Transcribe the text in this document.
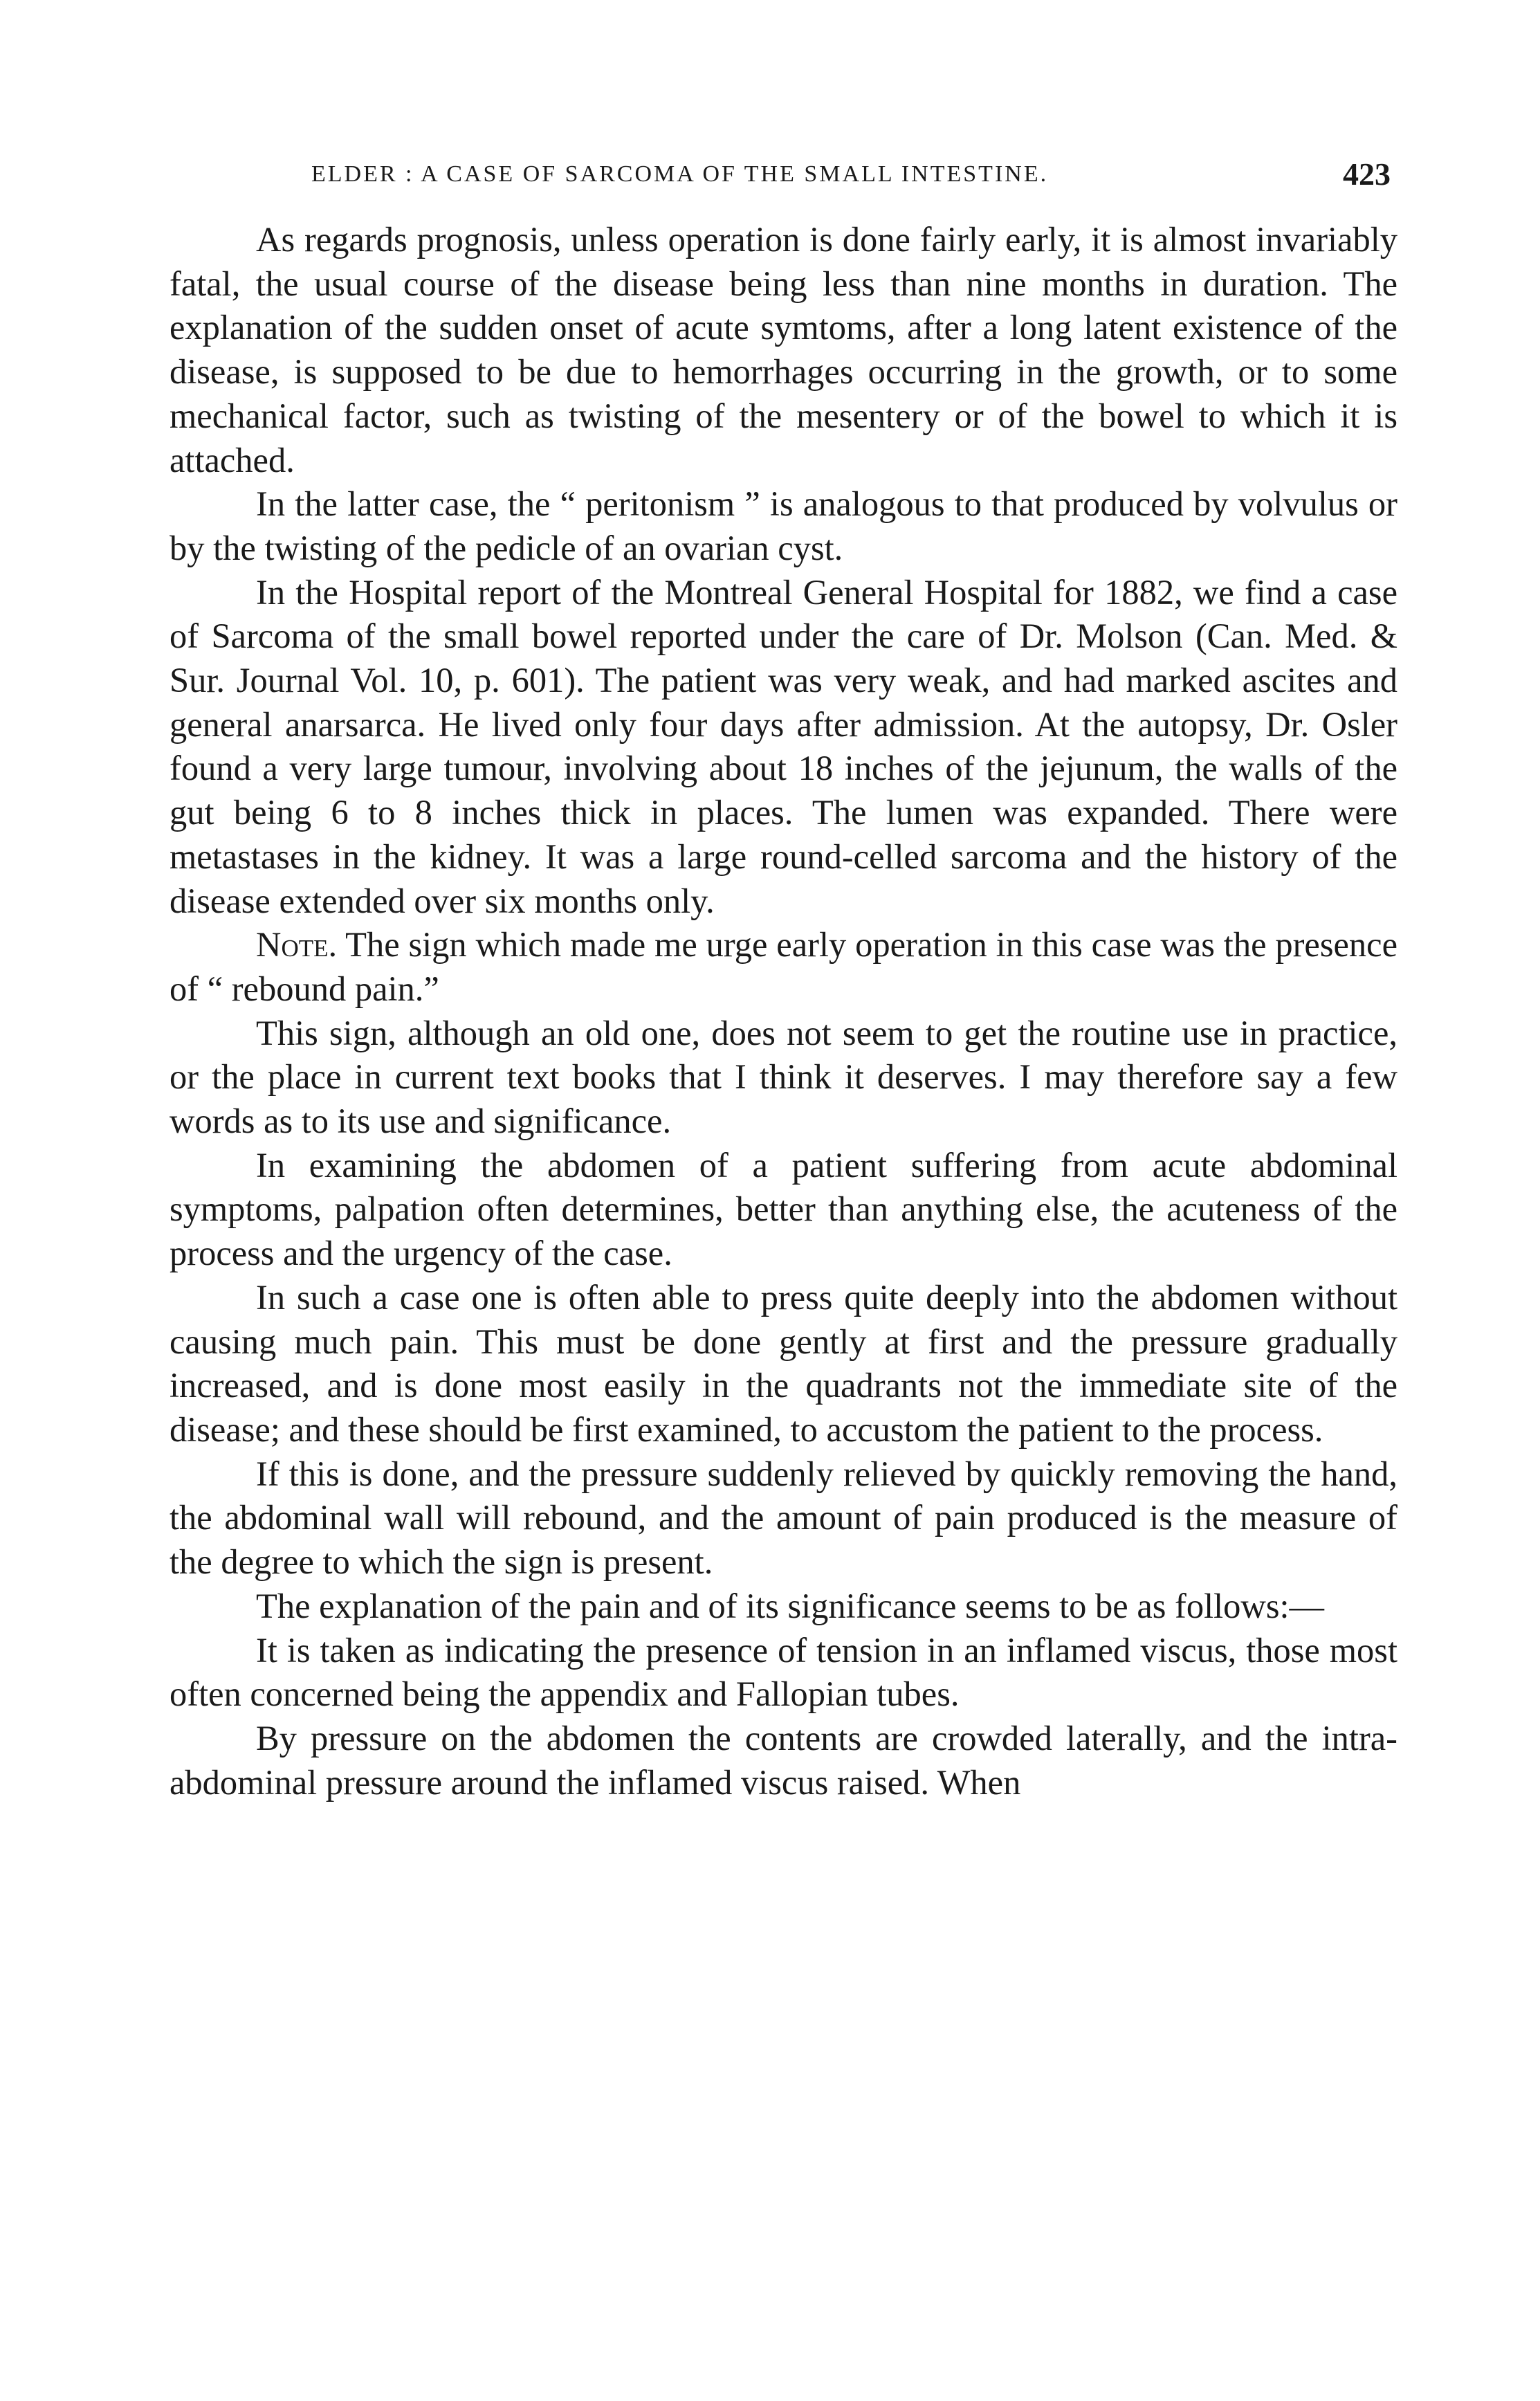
ELDER : A CASE OF SARCOMA OF THE SMALL INTESTINE.	423

As regards prognosis, unless operation is done fairly early, it is almost invariably fatal, the usual course of the disease being less than nine months in duration. The explanation of the sudden onset of acute symtoms, after a long latent existence of the disease, is supposed to be due to hemorrhages occurring in the growth, or to some mechanical factor, such as twisting of the mesentery or of the bowel to which it is attached.

In the latter case, the “ peritonism ” is analogous to that produced by volvulus or by the twisting of the pedicle of an ovarian cyst.

In the Hospital report of the Montreal General Hospital for 1882, we find a case of Sarcoma of the small bowel reported under the care of Dr. Molson (Can. Med. & Sur. Journal Vol. 10, p. 601). The patient was very weak, and had marked ascites and general anarsarca. He lived only four days after admission. At the autopsy, Dr. Osler found a very large tumour, involving about 18 inches of the jejunum, the walls of the gut being 6 to 8 inches thick in places. The lumen was expanded. There were metastases in the kidney. It was a large round-celled sarcoma and the history of the disease extended over six months only.

Note. The sign which made me urge early operation in this case was the presence of “ rebound pain.”

This sign, although an old one, does not seem to get the routine use in practice, or the place in current text books that I think it deserves. I may therefore say a few words as to its use and significance.

In examining the abdomen of a patient suffering from acute abdominal symptoms, palpation often determines, better than anything else, the acuteness of the process and the urgency of the case.

In such a case one is often able to press quite deeply into the abdomen without causing much pain. This must be done gently at first and the pressure gradually increased, and is done most easily in the quadrants not the immediate site of the disease; and these should be first examined, to accustom the patient to the process.

If this is done, and the pressure suddenly relieved by quickly removing the hand, the abdominal wall will rebound, and the amount of pain produced is the measure of the degree to which the sign is present.

The explanation of the pain and of its significance seems to be as follows:—

It is taken as indicating the presence of tension in an inflamed viscus, those most often concerned being the appendix and Fallopian tubes.

By pressure on the abdomen the contents are crowded laterally, and the intra-abdominal pressure around the inflamed viscus raised. When
